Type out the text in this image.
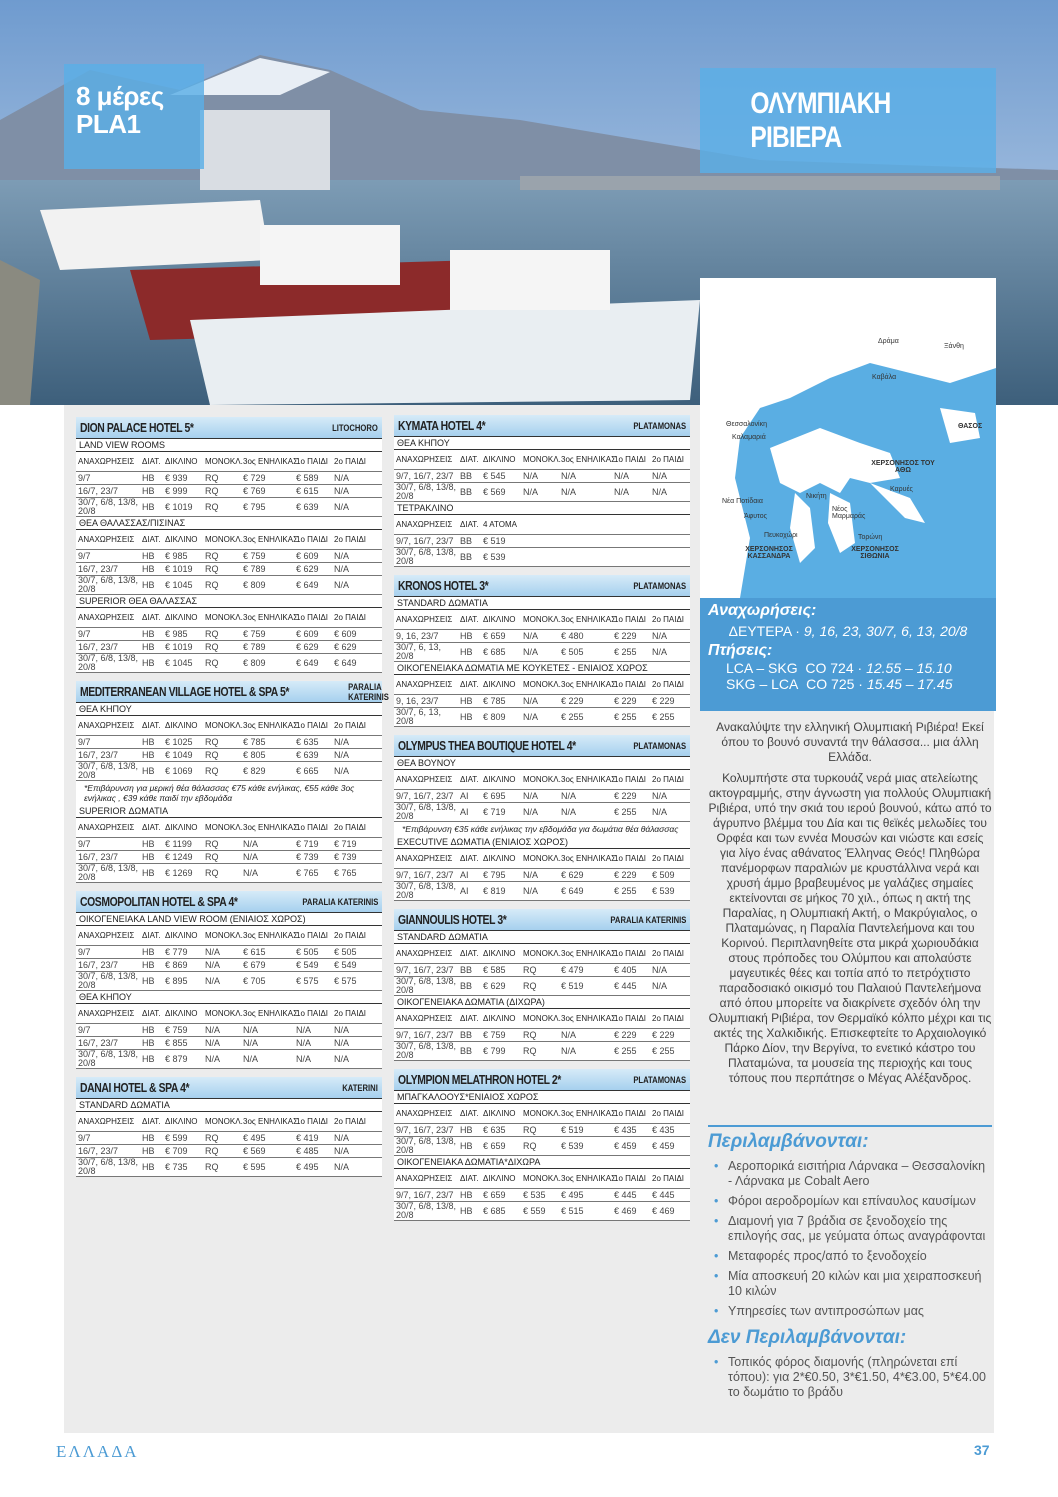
8 μέρες
PLA1
ΟΛΥΜΠΙΑΚΗ ΡΙΒΙΕΡΑ
DION PALACE HOTEL 5*	LITOCHORO
LAND VIEW ROOMS
ΑΝΑΧΩΡΗΣΕΙΣ ΔΙΑΤ. ΔΙΚΛΙΝΟ ΜΟΝΟΚΛ. 3ος ΕΝΗΛΙΚΑΣ
1ο ΠΑΙΔΙ 2ο ΠΑΙΔΙ
9/7	HB	€ 939	RQ	€ 729	€ 589	N/A
16/7, 23/7	HB	€ 999	RQ	€ 769	€ 615	N/A
30/7, 6/8, 13/8, 20/8	HB	€ 1019	RQ	€ 795	€ 639	N/A
ΘΕΑ ΘΑΛΑΣΣΑΣ/ΠΙΣΙΝΑΣ
ΑΝΑΧΩΡΗΣΕΙΣ ΔΙΑΤ. ΔΙΚΛΙΝΟ ΜΟΝΟΚΛ. 3ος ΕΝΗΛΙΚΑΣ
1ο ΠΑΙΔΙ 2ο ΠΑΙΔΙ
9/7	HB	€ 985	RQ	€ 759	€ 609	N/A
16/7, 23/7	HB	€ 1019	RQ	€ 789	€ 629	N/A
30/7, 6/8, 13/8, 20/8	HB	€ 1045	RQ	€ 809	€ 649	N/A
SUPERIOR ΘΕΑ ΘΑΛΑΣΣΑΣ
ΑΝΑΧΩΡΗΣΕΙΣ ΔΙΑΤ. ΔΙΚΛΙΝΟ ΜΟΝΟΚΛ. 3ος ΕΝΗΛΙΚΑΣ
1ο ΠΑΙΔΙ 2ο ΠΑΙΔΙ
9/7	HB	€ 985	RQ	€ 759	€ 609	€ 609
16/7, 23/7	HB	€ 1019	RQ	€ 789	€ 629	€ 629
30/7, 6/8, 13/8, 20/8	HB	€ 1045	RQ	€ 809	€ 649	€ 649
MEDITERRANEAN VILLAGE HOTEL & SPA 5*	PARALIA KATERINIS
ΘΕΑ ΚΗΠΟΥ
ΑΝΑΧΩΡΗΣΕΙΣ ΔΙΑΤ. ΔΙΚΛΙΝΟ ΜΟΝΟΚΛ. 3ος ΕΝΗΛΙΚΑΣ
1ο ΠΑΙΔΙ 2ο ΠΑΙΔΙ
9/7	HB	€ 1025	RQ	€ 785	€ 635	N/A
16/7, 23/7	HB	€ 1049	RQ	€ 805	€ 639	N/A
30/7, 6/8, 13/8, 20/8	HB	€ 1069	RQ	€ 829	€ 665	N/A
*Επιβάρυνση για μερική θέα θάλασσας €75 κάθε ενήλικας, €55 κάθε 3ος ενήλικας , €39 κάθε παιδί την εβδομάδα
SUPERIOR ΔΩΜΑΤΙΑ
ΑΝΑΧΩΡΗΣΕΙΣ ΔΙΑΤ. ΔΙΚΛΙΝΟ ΜΟΝΟΚΛ. 3ος ΕΝΗΛΙΚΑΣ
1ο ΠΑΙΔΙ 2ο ΠΑΙΔΙ
9/7	HB	€ 1199	RQ	N/A	€ 719	€ 719
16/7, 23/7	HB	€ 1249	RQ	N/A	€ 739	€ 739
30/7, 6/8, 13/8, 20/8	HB	€ 1269	RQ	N/A	€ 765	€ 765
COSMOPOLITAN HOTEL & SPA 4*	PARALIA KATERINIS
ΟΙΚΟΓΕΝΕΙΑΚΑ LAND VIEW ROOM (ΕΝΙΑΙΟΣ ΧΩΡΟΣ)
ΑΝΑΧΩΡΗΣΕΙΣ ΔΙΑΤ. ΔΙΚΛΙΝΟ ΜΟΝΟΚΛ. 3ος ΕΝΗΛΙΚΑΣ
1ο ΠΑΙΔΙ 2ο ΠΑΙΔΙ
9/7	HB	€ 779	N/A	€ 615	€ 505	€ 505
16/7, 23/7	HB	€ 869	N/A	€ 679	€ 549	€ 549
30/7, 6/8, 13/8, 20/8	HB	€ 895	N/A	€ 705	€ 575	€ 575
ΘΕΑ ΚΗΠΟΥ
ΑΝΑΧΩΡΗΣΕΙΣ ΔΙΑΤ. ΔΙΚΛΙΝΟ ΜΟΝΟΚΛ. 3ος ΕΝΗΛΙΚΑΣ
1ο ΠΑΙΔΙ 2ο ΠΑΙΔΙ
9/7	HB	€ 759	N/A	N/A	N/A	N/A
16/7, 23/7	HB	€ 855	N/A	N/A	N/A	N/A
30/7, 6/8, 13/8, 20/8	HB	€ 879	N/A	N/A	N/A	N/A
DANAI HOTEL & SPA 4*	KATERINI
STANDARD ΔΩΜΑΤΙΑ
ΑΝΑΧΩΡΗΣΕΙΣ ΔΙΑΤ. ΔΙΚΛΙΝΟ ΜΟΝΟΚΛ. 3ος ΕΝΗΛΙΚΑΣ
1ο ΠΑΙΔΙ 2ο ΠΑΙΔΙ
9/7	HB	€ 599	RQ	€ 495	€ 419	N/A
16/7, 23/7	HB	€ 709	RQ	€ 569	€ 485	N/A
30/7, 6/8, 13/8, 20/8	HB	€ 735	RQ	€ 595	€ 495	N/A
KYMATA HOTEL 4*	PLATAMONAS
ΘΕΑ ΚΗΠΟΥ
ΑΝΑΧΩΡΗΣΕΙΣ ΔΙΑΤ. ΔΙΚΛΙΝΟ ΜΟΝΟΚΛ. 3ος ΕΝΗΛΙΚΑΣ
1ο ΠΑΙΔΙ 2ο ΠΑΙΔΙ
9/7, 16/7, 23/7 BB	€ 545	N/A	N/A	N/A	N/A
30/7, 6/8, 13/8, 20/8	BB	€ 569	N/A	N/A	N/A	N/A
ΤΕΤΡΑΚΛΙΝΟ
ΑΝΑΧΩΡΗΣΕΙΣ ΔΙΑΤ. 4 ΑΤΟΜΑ
9/7, 16/7, 23/7 BB	€ 519
30/7, 6/8, 13/8, 20/8	BB	€ 539
KRONOS HOTEL 3*	PLATAMONAS
STANDARD ΔΩΜΑΤΙΑ
ΑΝΑΧΩΡΗΣΕΙΣ ΔΙΑΤ. ΔΙΚΛΙΝΟ ΜΟΝΟΚΛ. 3ος ΕΝΗΛΙΚΑΣ
1ο ΠΑΙΔΙ 2ο ΠΑΙΔΙ
9, 16, 23/7	HB	€ 659	N/A	€ 480	€ 229	N/A
30/7, 6, 13, 20/8	HB	€ 685	N/A	€ 505	€ 255	N/A
ΟΙΚΟΓΕΝΕΙΑΚΑ ΔΩΜΑΤΙΑ ΜΕ ΚΟΥΚΕΤΕΣ - ΕΝΙΑΙΟΣ ΧΩΡΟΣ
ΑΝΑΧΩΡΗΣΕΙΣ ΔΙΑΤ. ΔΙΚΛΙΝΟ ΜΟΝΟΚΛ. 3ος ΕΝΗΛΙΚΑΣ
1ο ΠΑΙΔΙ 2ο ΠΑΙΔΙ
9, 16, 23/7	HB	€ 785	N/A	€ 229	€ 229	€ 229
30/7, 6, 13, 20/8	HB	€ 809	N/A	€ 255	€ 255	€ 255
OLYMPUS THEA BOUTIQUE HOTEL 4*	PLATAMONAS
ΘΕΑ ΒΟΥΝΟΥ
ΑΝΑΧΩΡΗΣΕΙΣ ΔΙΑΤ. ΔΙΚΛΙΝΟ ΜΟΝΟΚΛ. 3ος ΕΝΗΛΙΚΑΣ
1ο ΠΑΙΔΙ 2ο ΠΑΙΔΙ
9/7, 16/7, 23/7 AI	€ 695	N/A	N/A	€ 229	N/A
30/7, 6/8, 13/8, 20/8	AI	€ 719	N/A	N/A	€ 255	N/A
*Επιβάρυνση €35 κάθε ενήλικας την εβδομάδα για δωμάτια θέα θάλασσας
EXECUTIVE ΔΩΜΑΤΙΑ (ΕΝΙΑΙΟΣ ΧΩΡΟΣ)
ΑΝΑΧΩΡΗΣΕΙΣ ΔΙΑΤ. ΔΙΚΛΙΝΟ ΜΟΝΟΚΛ. 3ος ΕΝΗΛΙΚΑΣ
1ο ΠΑΙΔΙ 2ο ΠΑΙΔΙ
9/7, 16/7, 23/7 AI	€ 795	N/A	€ 629	€ 229	€ 509
30/7, 6/8, 13/8, 20/8	AI	€ 819	N/A	€ 649	€ 255	€ 539
GIANNOULIS HOTEL 3*	PARALIA KATERINIS
STANDARD ΔΩΜΑΤΙΑ
ΑΝΑΧΩΡΗΣΕΙΣ ΔΙΑΤ. ΔΙΚΛΙΝΟ ΜΟΝΟΚΛ. 3ος ΕΝΗΛΙΚΑΣ
1ο ΠΑΙΔΙ 2ο ΠΑΙΔΙ
9/7, 16/7, 23/7 BB	€ 585	RQ	€ 479	€ 405	N/A
30/7, 6/8, 13/8, 20/8	BB	€ 629	RQ	€ 519	€ 445	N/A
ΟΙΚΟΓΕΝΕΙΑΚΑ ΔΩΜΑΤΙΑ (ΔΙΧΩΡΑ)
ΑΝΑΧΩΡΗΣΕΙΣ ΔΙΑΤ. ΔΙΚΛΙΝΟ ΜΟΝΟΚΛ. 3ος ΕΝΗΛΙΚΑΣ
1ο ΠΑΙΔΙ 2ο ΠΑΙΔΙ
9/7, 16/7, 23/7 BB	€ 759	RQ	N/A	€ 229	€ 229
30/7, 6/8, 13/8, 20/8	BB	€ 799	RQ	N/A	€ 255	€ 255
OLYMPION MELATHRON HOTEL 2*	PLATAMONAS
ΜΠΑΓΚΑΛΟΟΥΣ*ΕΝΙΑΙΟΣ ΧΩΡΟΣ
ΑΝΑΧΩΡΗΣΕΙΣ ΔΙΑΤ. ΔΙΚΛΙΝΟ ΜΟΝΟΚΛ. 3ος ΕΝΗΛΙΚΑΣ
1ο ΠΑΙΔΙ 2ο ΠΑΙΔΙ
9/7, 16/7, 23/7 HB	€ 635	RQ	€ 519	€ 435	€ 435
30/7, 6/8, 13/8, 20/8	HB	€ 659	RQ	€ 539	€ 459	€ 459
ΟΙΚΟΓΕΝΕΙΑΚΑ ΔΩΜΑΤΙΑ*ΔΙΧΩΡΑ
ΑΝΑΧΩΡΗΣΕΙΣ ΔΙΑΤ. ΔΙΚΛΙΝΟ ΜΟΝΟΚΛ. 3ος ΕΝΗΛΙΚΑΣ
1ο ΠΑΙΔΙ 2ο ΠΑΙΔΙ
9/7, 16/7, 23/7 HB	€ 659	€ 535	€ 495	€ 445	€ 445
30/7, 6/8, 13/8, 20/8	HB	€ 685	€ 559	€ 515	€ 469	€ 469
Δράμα
Ξάνθη
Καβάλα
ΘΑΣΟΣ
Θεσσαλονίκη
Καλαμαριά
ΧΕΡΣΟΝΗΣΟΣ ΤΟΥ ΑΘΩ
Καρυές
Νέα Ποτίδαια
Νικήτη
Άφυτος
Νέος Μαρμαράς
Πευκοχώρι	Τορώνη
ΧΕΡΣΟΝΗΣΟΣ ΚΑΣΣΑΝΔΡΑ
ΧΕΡΣΟΝΗΣΟΣ ΣΙΘΩΝΙΑ
Αναχωρήσεις:
ΔΕΥΤΕΡΑ · 9, 16, 23, 30/7, 6, 13, 20/8
Πτήσεις:
LCA – SKG CO 724 · 12.55 – 15.10
SKG – LCA CO 725 · 15.45 – 17.45

Ανακαλύψτε την ελληνική Ολυμπιακή Ριβιέρα! Εκεί όπου το βουνό συναντά την θάλασσα... μια άλλη Ελλάδα.

Κολυμπήστε στα τυρκουάζ νερά μιας ατελείωτης ακτογραμμής, στην άγνωστη για πολλούς Ολυμπιακή Ριβιέρα, υπό την σκιά του ιερού βουνού, κάτω από το άγρυπνο βλέμμα του Δία και τις θεϊκές μελωδίες του Ορφέα και των εννέα Μουσών και νιώστε και εσείς για λίγο ένας αθάνατος Έλληνας Θεός! Πληθώρα πανέμορφων παραλιών με κρυστάλλινα νερά και χρυσή άμμο βραβευμένος με γαλάζιες σημαίες εκτείνονται σε μήκος 70 χιλ., όπως η ακτή της Παραλίας, η Ολυμπιακή Ακτή, ο Μακρύγιαλος, ο Πλαταμώνας, η Παραλία Παντελεήμονα και του Κορινού. Περιπλανηθείτε στα μικρά χωριουδάκια στους πρόποδες του Ολύμπου και απολαύστε μαγευτικές θέες και τοπία από το πετρόχτιστο παραδοσιακό οικισμό του Παλαιού Παντελεήμονα από όπου μπορείτε να διακρίνετε σχεδόν όλη την Ολυμπιακή Ριβιέρα, τον Θερμαϊκό κόλπο μέχρι και τις ακτές της Χαλκιδικής. Επισκεφτείτε το Αρχαιολογικό Πάρκο Δίον, την Βεργίνα, το ενετικό κάστρο του Πλαταμώνα, τα μουσεία της περιοχής και τους τόπους που περπάτησε ο Μέγας Αλέξανδρος.

Περιλαμβάνονται:
• Αεροπορικά εισιτήρια Λάρνακα – Θεσσαλονίκη - Λάρνακα με Cobalt Aero
• Φόροι αεροδρομίων και επίναυλος καυσίμων
• Διαμονή για 7 βράδια σε ξενοδοχείο της επιλογής σας, με γεύματα όπως αναγράφονται
• Μεταφορές προς/από το ξενοδοχείο
• Μία αποσκευή 20 κιλών και μια χειραποσκευή 10 κιλών
• Υπηρεσίες των αντιπροσώπων μας
Δεν Περιλαμβάνονται:
• Τοπικός φόρος διαμονής (πληρώνεται επί τόπου): για 2*€0.50, 3*€1.50, 4*€3.00, 5*€4.00 το δωμάτιο το βράδυ
ΕΛΛΑΔΑ	37
